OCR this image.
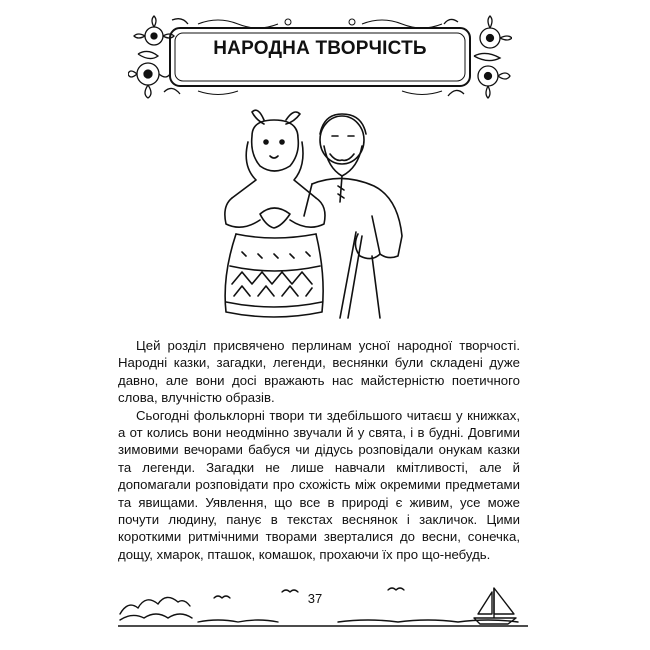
НАРОДНА ТВОРЧІСТЬ

Цей розділ присвячено перлинам усної народної творчості. Народні казки, загадки, легенди, веснянки були складені дуже давно, але вони досі вражають нас майстерністю поетичного слова, влучністю образів.

Сьогодні фольклорні твори ти здебільшого читаєш у книжках, а от колись вони неодмінно звучали й у свята, і в будні. Довгими зимовими вечорами бабуся чи дідусь розповідали онукам казки та легенди. Загадки не лише навчали кмітливості, але й допомагали розповідати про схожість між окремими предметами та явищами. Уявлення, що все в природі є живим, усе може почути людину, панує в текстах веснянок і закличок. Цими короткими ритмічними творами зверталися до весни, сонечка, дощу, хмарок, пташок, комашок, прохаючи їх про що-небудь.

37
